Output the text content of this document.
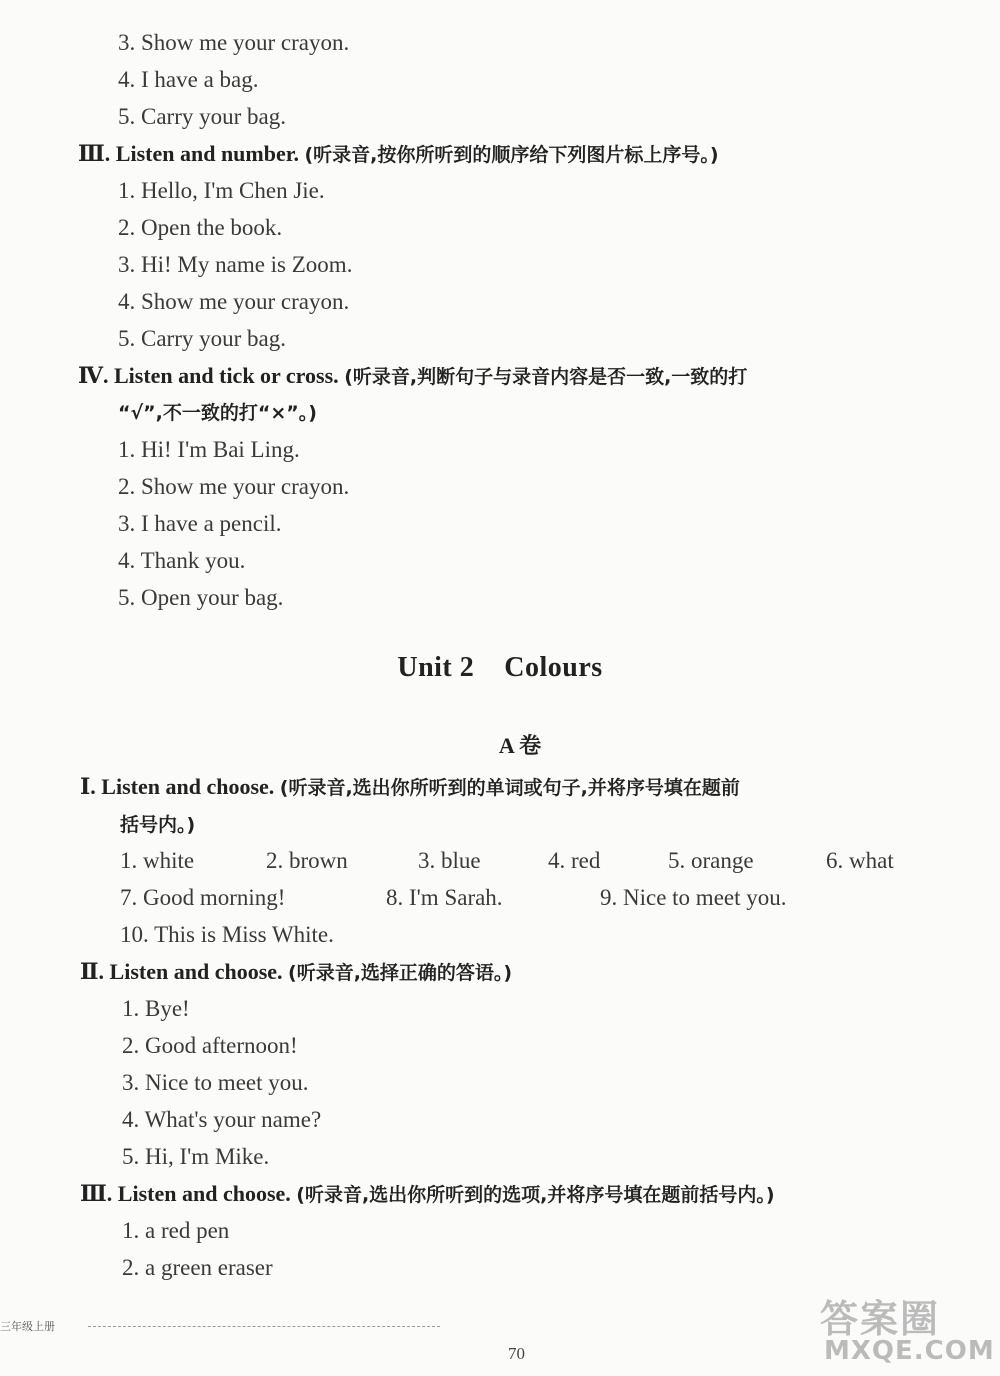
3. Show me your crayon.
4. I have a bag.
5. Carry your bag.
Ⅲ. Listen and number. (听录音,按你所听到的顺序给下列图片标上序号。)
1. Hello, I'm Chen Jie.
2. Open the book.
3. Hi! My name is Zoom.
4. Show me your crayon.
5. Carry your bag.
Ⅳ. Listen and tick or cross. (听录音,判断句子与录音内容是否一致,一致的打
“√”,不一致的打“×”。)
1. Hi! I'm Bai Ling.
2. Show me your crayon.
3. I have a pencil.
4. Thank you.
5. Open your bag.
Unit 2 Colours
A 卷
Ⅰ. Listen and choose. (听录音,选出你所听到的单词或句子,并将序号填在题前
括号内。)
1. white	2. brown	3. blue	4. red	5. orange	6. what
7. Good morning!	8. I'm Sarah.	9. Nice to meet you.
10. This is Miss White.
Ⅱ. Listen and choose. (听录音,选择正确的答语。)
1. Bye!
2. Good afternoon!
3. Nice to meet you.
4. What's your name?
5. Hi, I'm Mike.
Ⅲ. Listen and choose. (听录音,选出你所听到的选项,并将序号填在题前括号内。)
1. a red pen
2. a green eraser
三年级上册
70
答案圈
MXQE.COM
